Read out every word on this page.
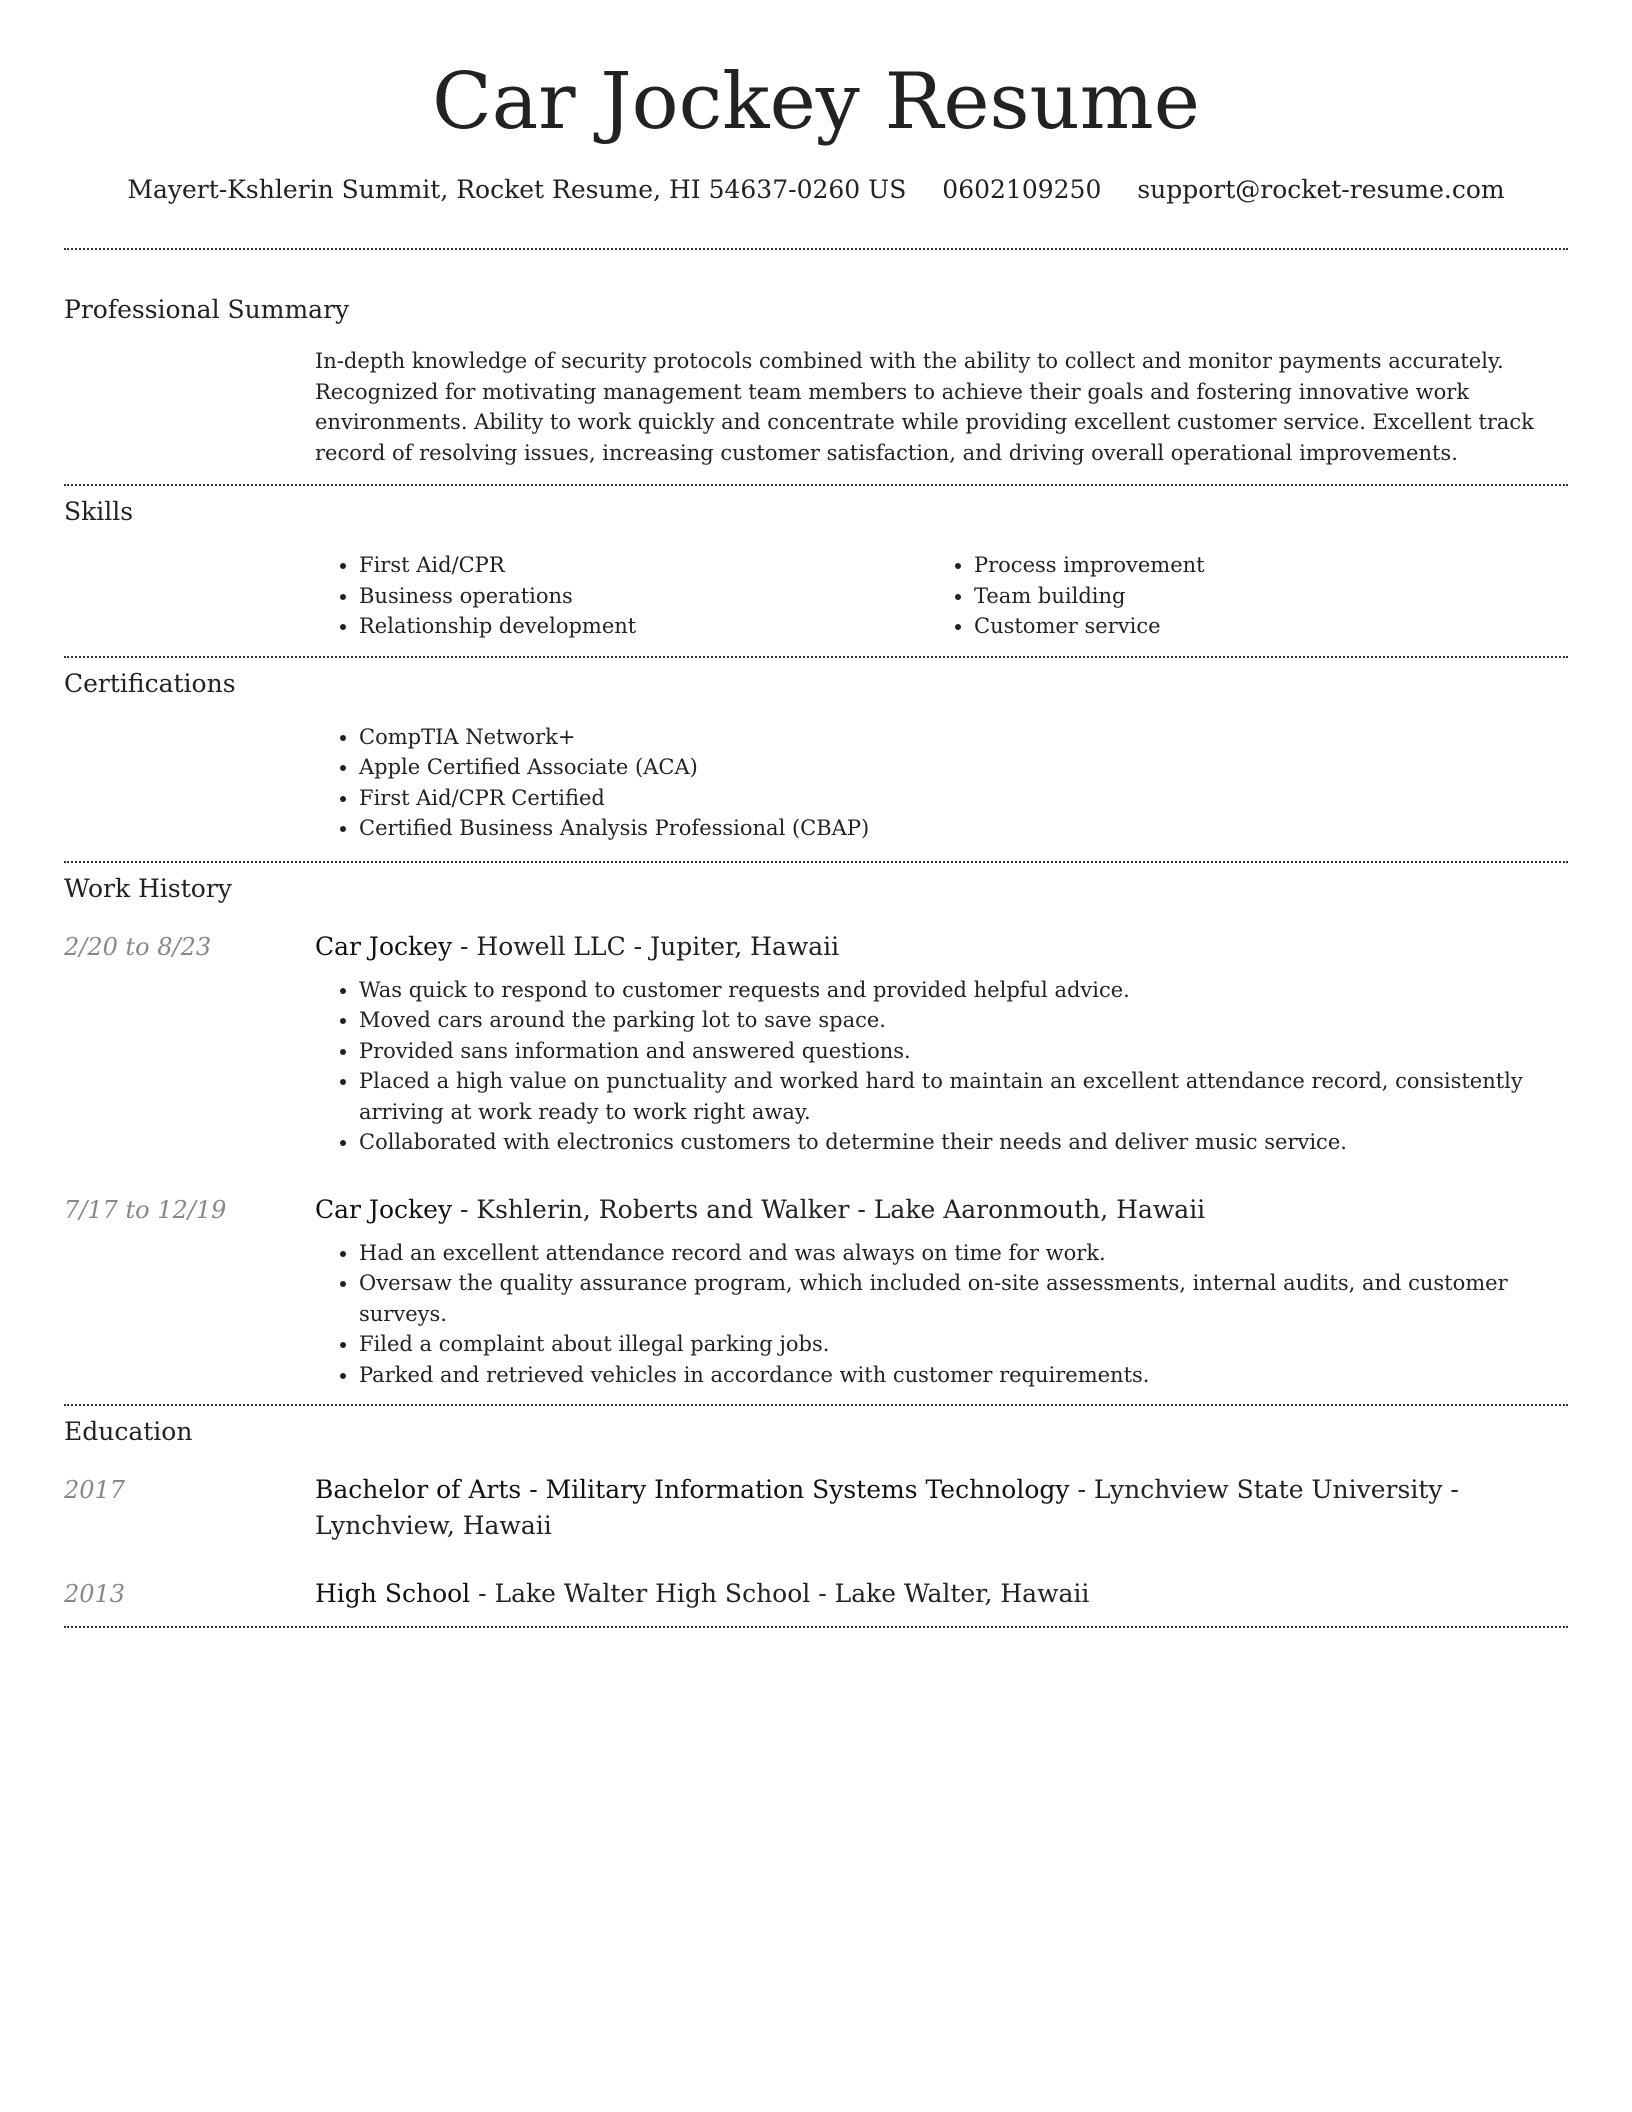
Car Jockey Resume
Mayert-Kshlerin Summit, Rocket Resume, HI 54637-0260 US 0602109250 support@rocket-resume.com
Professional Summary

In-depth knowledge of security protocols combined with the ability to collect and monitor payments accurately. Recognized for motivating management team members to achieve their goals and fostering innovative work environments. Ability to work quickly and concentrate while providing excellent customer service. Excellent track record of resolving issues, increasing customer satisfaction, and driving overall operational improvements.

Skills
• First Aid/CPR
• Business operations
• Relationship development
• Process improvement
• Team building
• Customer service
Certifications
• CompTIA Network+
• Apple Certified Associate (ACA)
• First Aid/CPR Certified
• Certified Business Analysis Professional (CBAP)
Work History
2/20 to 8/23	Car Jockey - Howell LLC - Jupiter, Hawaii
• Was quick to respond to customer requests and provided helpful advice.
• Moved cars around the parking lot to save space.
• Provided sans information and answered questions.
• Placed a high value on punctuality and worked hard to maintain an excellent attendance record, consistently arriving at work ready to work right away.
• Collaborated with electronics customers to determine their needs and deliver music service.
7/17 to 12/19	Car Jockey - Kshlerin, Roberts and Walker - Lake Aaronmouth, Hawaii
• Had an excellent attendance record and was always on time for work.
• Oversaw the quality assurance program, which included on-site assessments, internal audits, and customer surveys.
• Filed a complaint about illegal parking jobs.
• Parked and retrieved vehicles in accordance with customer requirements.
Education
2017	Bachelor of Arts - Military Information Systems Technology - Lynchview State University - Lynchview, Hawaii
2013	High School - Lake Walter High School - Lake Walter, Hawaii
